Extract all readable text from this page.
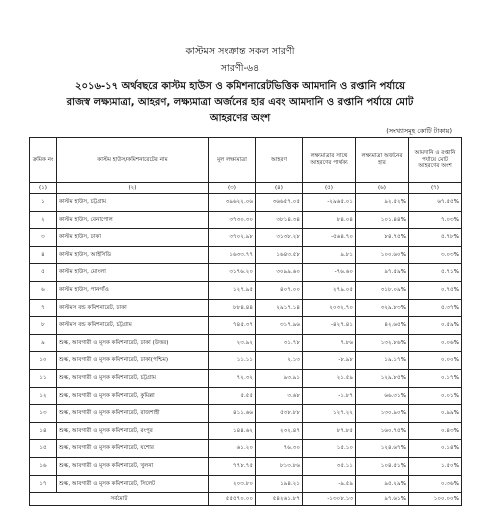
কাস্টমস সংক্রান্ত সকল সারণী
সারণী-৬৪
২০১৬-১৭ অর্থবছরে কাস্টম হাউস ও কমিশনারেটভিত্তিক আমদানি ও রপ্তানি পর্যায়ে
রাজস্ব লক্ষ্যমাত্রা, আহরণ, লক্ষ্যমাত্রা অর্জনের হার এবং আমদানি ও রপ্তানি পর্যায়ে মোট
আহরণের অংশ
(সংখ্যাসমূহ কোটি টাকায়)
ক্রমিক নং	কাস্টম হাউস/কমিশনারেটের নাম	মূল লক্ষ্যমাত্রা	আহরণ	লক্ষ্যমাত্রার সাথে আহরণের পার্থক্য	লক্ষ্যমাত্রা অর্জনের হার	আমদানি ও রপ্তানি পর্যায়ে মোট আহরণের অংশ
(১)	(২)	(৩)	(৪)	(৫)	(৬)	(৭)
১	কাস্টম হাউস, চট্টগ্রাম	৩৯৬২২.০৬	৩৬৬৫৭.০৫	-২৯৬৫.০১	৯২.৫২%	৬৭.৫৫%
২	কাস্টম হাউস, বেনাপোল	৩৭৩০.৩০	৩৮১৪.৩৪	৮৪.০৪	১০১.৪৪%	৭.০৩%
৩	কাস্টম হাউস, ঢাকা	৩৭০২.৯৮	৩১৩৮.২৮	-৫৬৪.৭০	৮৪.৭৫%	৫.৭৮%
৪	কাস্টম হাউস, আইসিডি	১৬৩৩.৭৭	১৬৪৩.৫৮	৯.৮১	১০০.৬০%	৩.০৩%
৫	কাস্টম হাউস, মোংলা	৩১৭৬.২০	৩০৯৯.৬০	-৭৬.৬০	৯৭.৫৯%	৫.৭১%
৬	কাস্টম হাউস, পানগাঁও	১২৭.৯৫	৪০৭.০০	২৭৯.০৫	৩১৮.০৯%	০.৭৫%
৭	কাস্টমস বন্ড কমিশনারেট, ঢাকা	৮৮৪.৪৪	২৯১৭.১৪	২০৩২.৭০	৩২৯.৮৩%	৫.৩৭%
৮	কাস্টমস বন্ড কমিশনারেট, চট্টগ্রাম	৭৪৫.৩৭	৩১৭.৯৬	-৪২৭.৪১	৪২.৬৫%	০.৫৯%
৯	শুল্ক, আবগারী ও মূসক কমিশনারেট, ঢাকা (উত্তর)	২৩.৯২	৩১.৭৮	৭.৮৬	১৩২.৮৬%	০.০৬%
১০	শুল্ক, আবগারী ও মূসক কমিশনারেট, ঢাকা(পশ্চিম)	১১.১১	২.১৩	-৮.৯৮	১৯.১৭%	০.০০%
১১	শুল্ক, আবগারী ও মূসক কমিশনারেট, চট্টগ্রাম	৭২.৩২	৯৩.৯১	২১.৫৯	১২৯.৮৫%	০.১৭%
১২	শুল্ক, আবগারী ও মূসক কমিশনারেট, কুমিল্লা	৫.৫৫	৩.৬৮	-১.৮৭	৬৬.৩১%	০.০১%
১৩	শুল্ক, আবগারী ও মূসক কমিশনারেট, রাজশাহী	৪১১.৬৬	৫৩৮.৮৮	১২৭.২২	১৩০.৯০%	০.৯৯%
১৪	শুল্ক, আবগারী ও মূসক কমিশনারেট, রংপুর	১৪৪.৬২	২৩২.৪৭	৮৭.৮৫	১৬০.৭৫%	০.৪৩%
১৫	শুল্ক, আবগারী ও মূসক কমিশনারেট, যশোর	৬১.২০	৭৬.৩০	১৫.১০	১২৪.৬৭%	০.১৪%
১৬	শুল্ক, আবগারী ও মূসক কমিশনারেট, খুলনা	৭৭৮.৭৫	৮১৩.৮৬	৩৫.১১	১০৪.৫১%	১.৫০%
১৭	শুল্ক, আবগারী ও মূসক কমিশনারেট, সিলেট	২০৩.৮০	১৯৪.২১	-৯.৫৯	৯৫.২৯%	০.৩৬%
সর্বমোট		৫৫৫৭০.০০	৫৪২৬১.৮৭	-১৩০৮.১৩	৯৭.৬১%	১০০.০০%
